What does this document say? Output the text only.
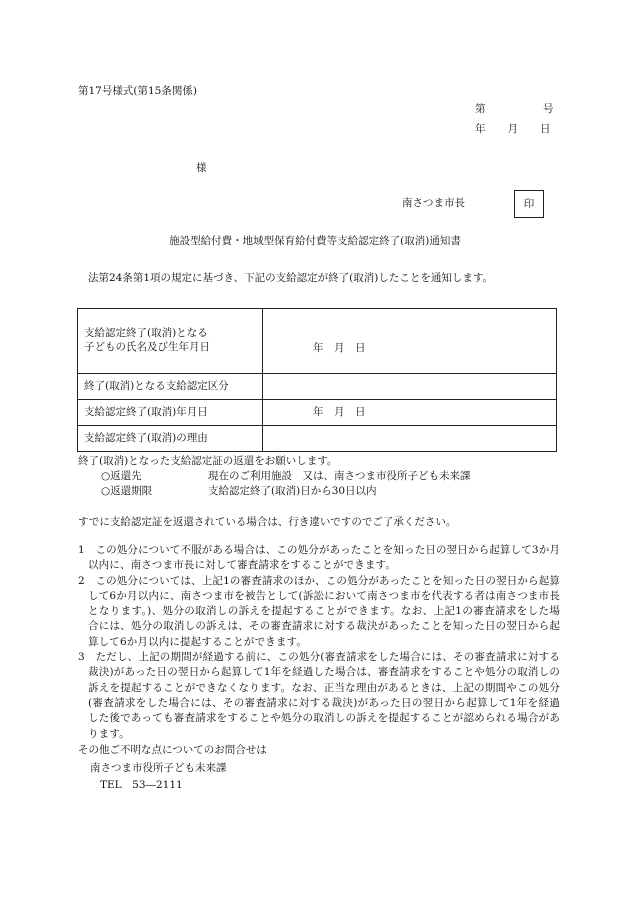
第17号様式(第15条関係)
第	号
年 月 日
様
南さつま市長	印
施設型給付費・地域型保育給付費等支給認定終了(取消)通知書
法第24条第1項の規定に基づき、下記の支給認定が終了(取消)したことを通知します。
支給認定終了(取消)となる
子どもの氏名及び生年月日	年　月　日
終了(取消)となる支給認定区分	
支給認定終了(取消)年月日	年　月　日
支給認定終了(取消)の理由	
終了(取消)となった支給認定証の返還をお願いします。
○返還先	現在のご利用施設　又は、南さつま市役所子ども未来課
○返還期限	支給認定終了(取消)日から30日以内
すでに支給認定証を返還されている場合は、行き違いですのでご了承ください。

1　この処分について不服がある場合は、この処分があったことを知った日の翌日から起算して3か月以内に、南さつま市長に対して審査請求をすることができます。

2　この処分については、上記1の審査請求のほか、この処分があったことを知った日の翌日から起算して6か月以内に、南さつま市を被告として(訴訟において南さつま市を代表する者は南さつま市長となります。)、処分の取消しの訴えを提起することができます。なお、上記1の審査請求をした場合には、処分の取消しの訴えは、その審査請求に対する裁決があったことを知った日の翌日から起算して6か月以内に提起することができます。

3　ただし、上記の期間が経過する前に、この処分(審査請求をした場合には、その審査請求に対する裁決)があった日の翌日から起算して1年を経過した場合は、審査請求をすることや処分の取消しの訴えを提起することができなくなります。なお、正当な理由があるときは、上記の期間やこの処分(審査請求をした場合には、その審査請求に対する裁決)があった日の翌日から起算して1年を経過した後であっても審査請求をすることや処分の取消しの訴えを提起することが認められる場合があります。

その他ご不明な点についてのお問合せは
南さつま市役所子ども未来課
TEL　53―2111
